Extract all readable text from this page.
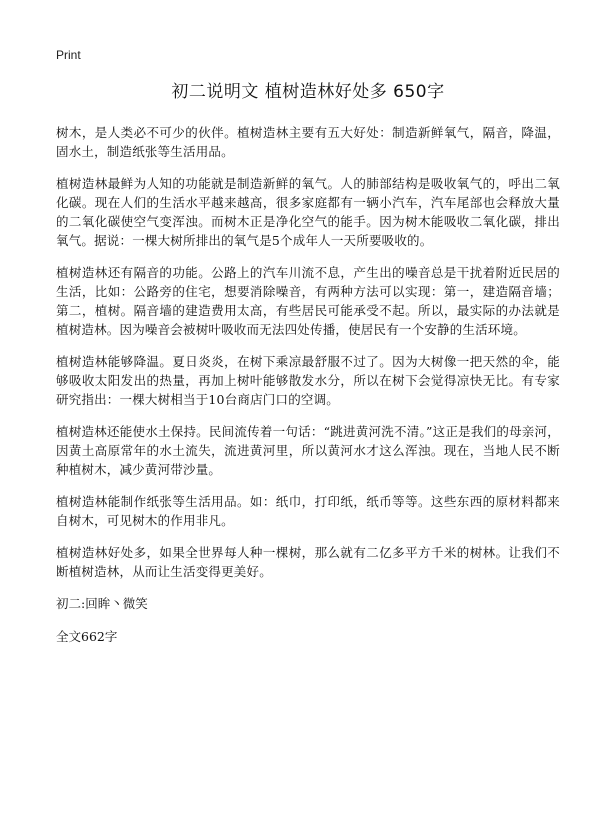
Print
初二说明文 植树造林好处多 650字

树木，是人类必不可少的伙伴。植树造林主要有五大好处：制造新鲜氧气，隔音，降温，固水土，制造纸张等生活用品。

植树造林最鲜为人知的功能就是制造新鲜的氧气。人的肺部结构是吸收氧气的，呼出二氧化碳。现在人们的生活水平越来越高，很多家庭都有一辆小汽车，汽车尾部也会释放大量的二氧化碳使空气变浑浊。而树木正是净化空气的能手。因为树木能吸收二氧化碳，排出氧气。据说：一棵大树所排出的氧气是5个成年人一天所要吸收的。

植树造林还有隔音的功能。公路上的汽车川流不息，产生出的噪音总是干扰着附近民居的生活，比如：公路旁的住宅，想要消除噪音，有两种方法可以实现：第一，建造隔音墙；第二，植树。隔音墙的建造费用太高，有些居民可能承受不起。所以，最实际的办法就是植树造林。因为噪音会被树叶吸收而无法四处传播，使居民有一个安静的生活环境。

植树造林能够降温。夏日炎炎，在树下乘凉最舒服不过了。因为大树像一把天然的伞，能够吸收太阳发出的热量，再加上树叶能够散发水分，所以在树下会觉得凉快无比。有专家研究指出：一棵大树相当于10台商店门口的空调。

植树造林还能使水土保持。民间流传着一句话：“跳进黄河洗不清。”这正是我们的母亲河，因黄土高原常年的水土流失，流进黄河里，所以黄河水才这么浑浊。现在，当地人民不断种植树木，减少黄河带沙量。

植树造林能制作纸张等生活用品。如：纸巾，打印纸，纸币等等。这些东西的原材料都来自树木，可见树木的作用非凡。

植树造林好处多，如果全世界每人种一棵树，那么就有二亿多平方千米的树林。让我们不断植树造林，从而让生活变得更美好。

初二:回眸丶微笑

全文662字
